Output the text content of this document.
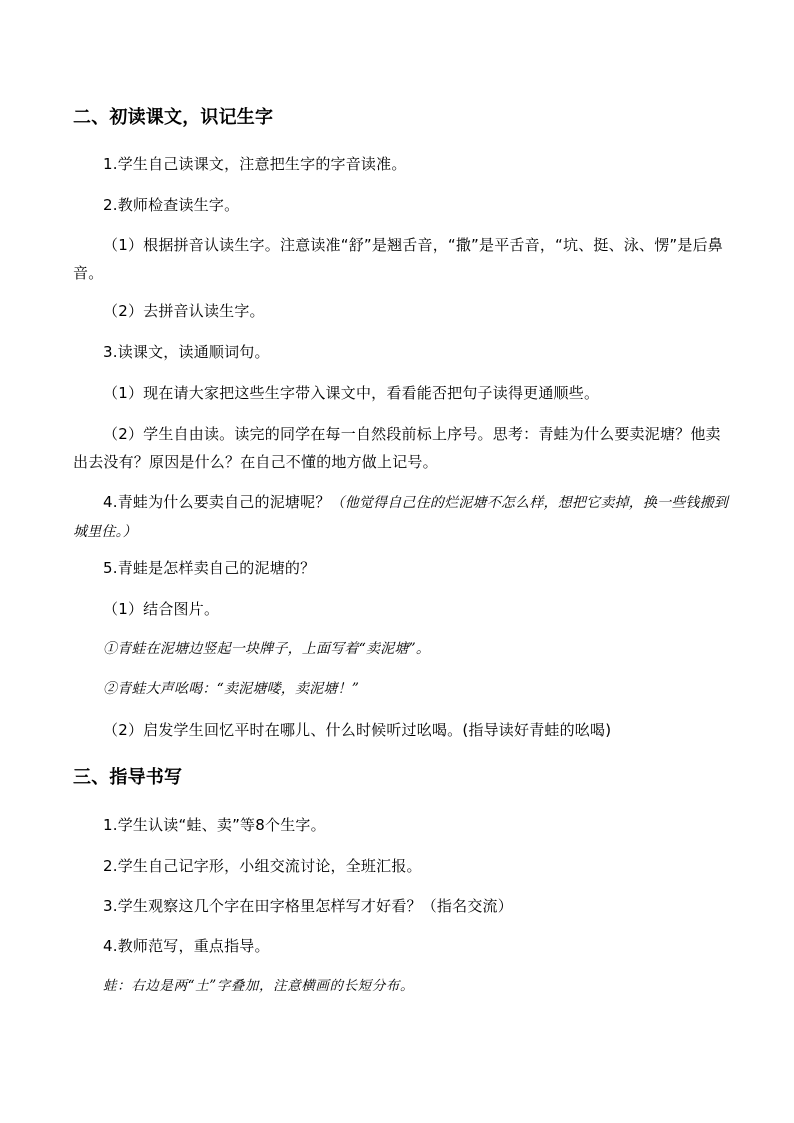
二、初读课文，识记生字
1.学生自己读课文，注意把生字的字音读准。
2.教师检查读生字。
（1）根据拼音认读生字。注意读准“舒”是翘舌音，“撒”是平舌音，“坑、挺、泳、愣”是后鼻音。
（2）去拼音认读生字。
3.读课文，读通顺词句。
（1）现在请大家把这些生字带入课文中，看看能否把句子读得更通顺些。
（2）学生自由读。读完的同学在每一自然段前标上序号。思考：青蛙为什么要卖泥塘？他卖出去没有？原因是什么？在自己不懂的地方做上记号。
4.青蛙为什么要卖自己的泥塘呢？（他觉得自己住的烂泥塘不怎么样，想把它卖掉，换一些钱搬到城里住。）
5.青蛙是怎样卖自己的泥塘的？
（1）结合图片。
①青蛙在泥塘边竖起一块牌子，上面写着“卖泥塘”。
②青蛙大声吆喝：“卖泥塘喽，卖泥塘！”
（2）启发学生回忆平时在哪儿、什么时候听过吆喝。(指导读好青蛙的吆喝)
三、指导书写
1.学生认读“蛙、卖”等8个生字。
2.学生自己记字形，小组交流讨论，全班汇报。
3.学生观察这几个字在田字格里怎样写才好看？（指名交流）
4.教师范写，重点指导。
蛙：右边是两“土”字叠加，注意横画的长短分布。
